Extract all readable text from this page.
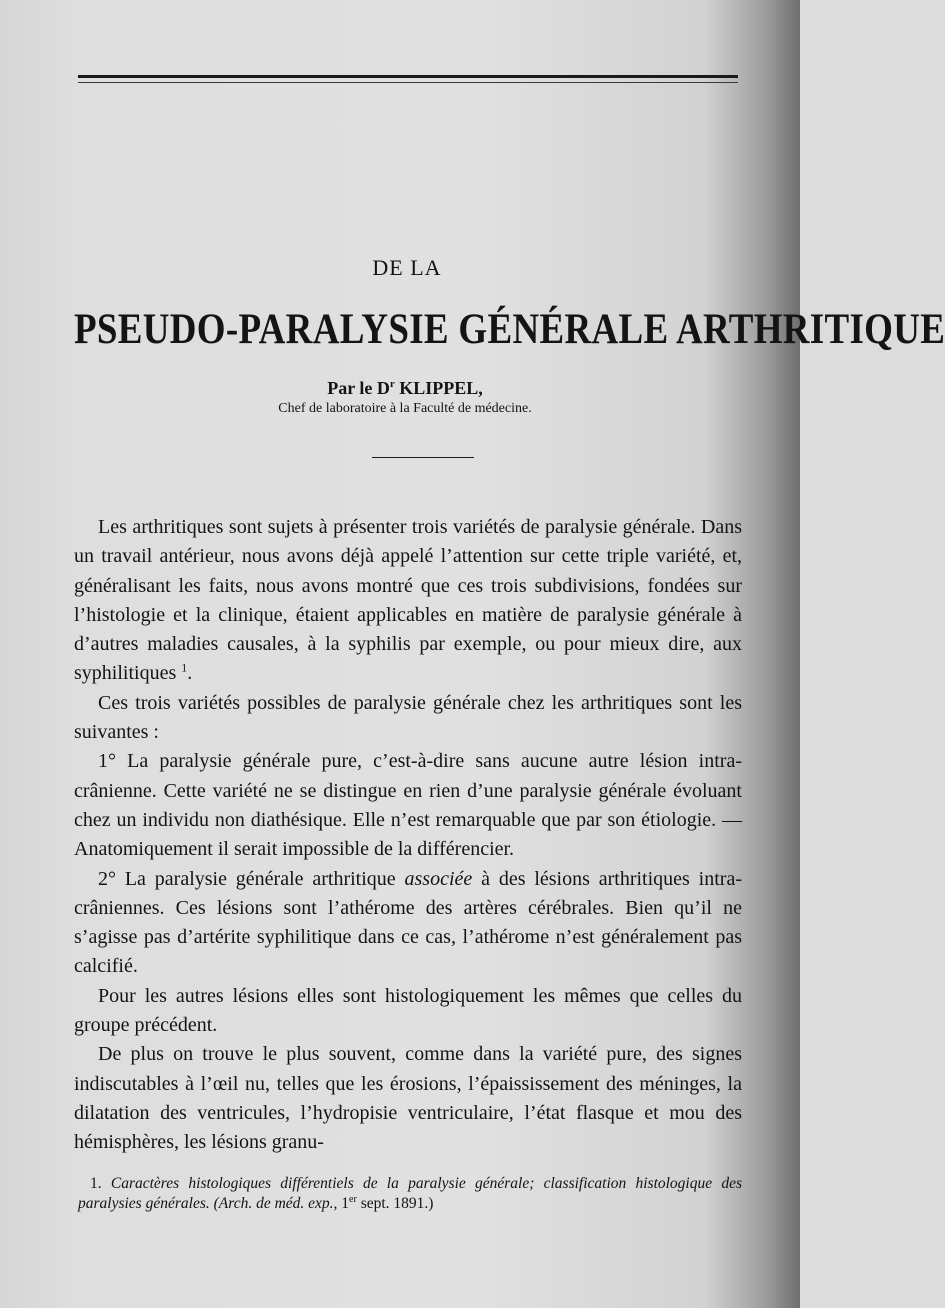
DE LA
PSEUDO-PARALYSIE GÉNÉRALE ARTHRITIQUE
Par le $D^r$ KLIPPEL,
Chef de laboratoire à la Faculté de médecine.

Les arthritiques sont sujets à présenter trois variétés de paralysie générale. Dans un travail antérieur, nous avons déjà appelé l’attention sur cette triple variété, et, généralisant les faits, nous avons montré que ces trois subdivisions, fondées sur l’histologie et la clinique, étaient applicables en matière de paralysie générale à d’autres maladies causales, à la syphilis par exemple, ou pour mieux dire, aux syphilitiques $^1$.

Ces trois variétés possibles de paralysie générale chez les arthritiques sont les suivantes :

1° La paralysie générale pure, c’est-à-dire sans aucune autre lésion intra-crânienne. Cette variété ne se distingue en rien d’une paralysie générale évoluant chez un individu non diathésique. Elle n’est remarquable que par son étiologie. — Anatomiquement il serait impossible de la différencier.

2° La paralysie générale arthritique associée à des lésions arthritiques intra-crâniennes. Ces lésions sont l’athérome des artères cérébrales. Bien qu’il ne s’agisse pas d’artérite syphilitique dans ce cas, l’athérome n’est généralement pas calcifié.

Pour les autres lésions elles sont histologiquement les mêmes que celles du groupe précédent.

De plus on trouve le plus souvent, comme dans la variété pure, des signes indiscutables à l’œil nu, telles que les érosions, l’épaississement des méninges, la dilatation des ventricules, l’hydropisie ventriculaire, l’état flasque et mou des hémisphères, les lésions granu-

1. Caractères histologiques différentiels de la paralysie générale; classification histologique des paralysies générales. (Arch. de méd. exp., 1er sept. 1891.)
